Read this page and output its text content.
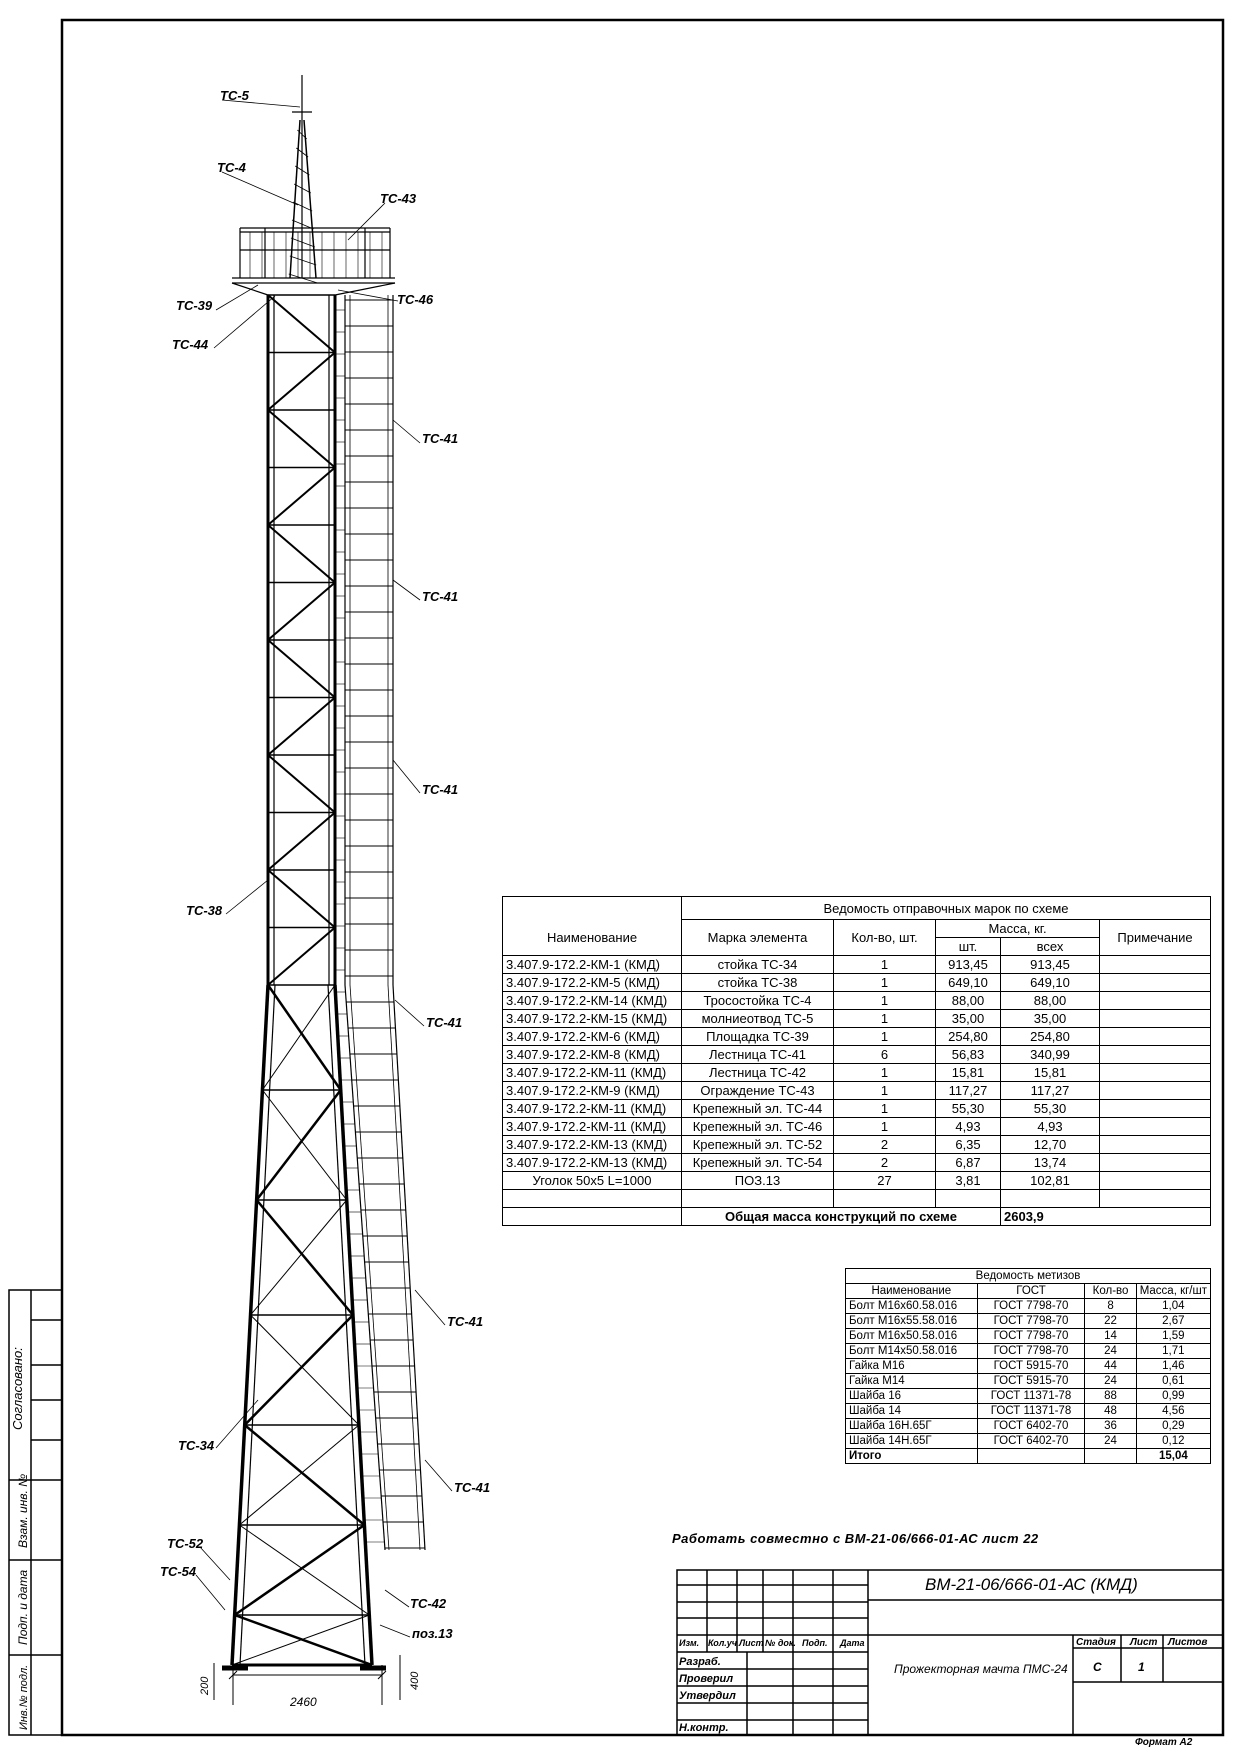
Согласовано:
Взам. инв. №
Подп. и дата
Инв.№ подл.	2460
200	400
ТС-5
ТС-4
ТС-43
ТС-39	ТС-46
ТС-44
ТС-41
ТС-41
ТС-41
ТС-38
ТС-41
ТС-41
ТС-34
ТС-41
ТС-52
ТС-54
ТС-42
поз.13
	Ведомость отправочных марок по схеме				
Наименование	Марка элемента	Кол-во, шт.	Масса, кг.		Примечание
			шт.	всех	
3.407.9-172.2-КМ-1 (КМД)	стойка ТС-34	1	913,45	913,45	
3.407.9-172.2-КМ-5 (КМД)	стойка ТС-38	1	649,10	649,10	
3.407.9-172.2-КМ-14 (КМД)	Тросостойка ТС-4	1	88,00	88,00	
3.407.9-172.2-КМ-15 (КМД)	молниеотвод ТС-5	1	35,00	35,00	
3.407.9-172.2-КМ-6 (КМД)	Площадка ТС-39	1	254,80	254,80	
3.407.9-172.2-КМ-8 (КМД)	Лестница ТС-41	6	56,83	340,99	
3.407.9-172.2-КМ-11 (КМД)	Лестница ТС-42	1	15,81	15,81	
3.407.9-172.2-КМ-9 (КМД)	Ограждение ТС-43	1	117,27	117,27	
3.407.9-172.2-КМ-11 (КМД)	Крепежный эл. ТС-44	1	55,30	55,30	
3.407.9-172.2-КМ-11 (КМД)	Крепежный эл. ТС-46	1	4,93	4,93	
3.407.9-172.2-КМ-13 (КМД)	Крепежный эл. ТС-52	2	6,35	12,70	
3.407.9-172.2-КМ-13 (КМД)	Крепежный эл. ТС-54	2	6,87	13,74	
Уголок 50х5 L=1000	ПОЗ.13	27	3,81	102,81	

	Общая масса конструкций по схеме			2603,9	
Ведомость метизов			
Наименование	ГОСТ	Кол-во	Масса, кг/шт
Болт М16х60.58.016	ГОСТ 7798-70	8	1,04
Болт М16х55.58.016	ГОСТ 7798-70	22	2,67
Болт М16х50.58.016	ГОСТ 7798-70	14	1,59
Болт М14х50.58.016	ГОСТ 7798-70	24	1,71
Гайка М16	ГОСТ 5915-70	44	1,46
Гайка М14	ГОСТ 5915-70	24	0,61
Шайба 16	ГОСТ 11371-78	88	0,99
Шайба 14	ГОСТ 11371-78	48	4,56
Шайба 16Н.65Г	ГОСТ 6402-70	36	0,29
Шайба 14Н.65Г	ГОСТ 6402-70	24	0,12
Итого			15,04
Работать совместно с ВМ-21-06/666-01-АС лист 22
ВМ-21-06/666-01-АС (КМД)
Изм. Кол.уч Лист № док. Подп. Дата
Разраб.
Проверил
Утвердил
Н.контр.
Прожекторная мачта ПМС-24
Стадия Лист Листов
С	1
Формат А2
